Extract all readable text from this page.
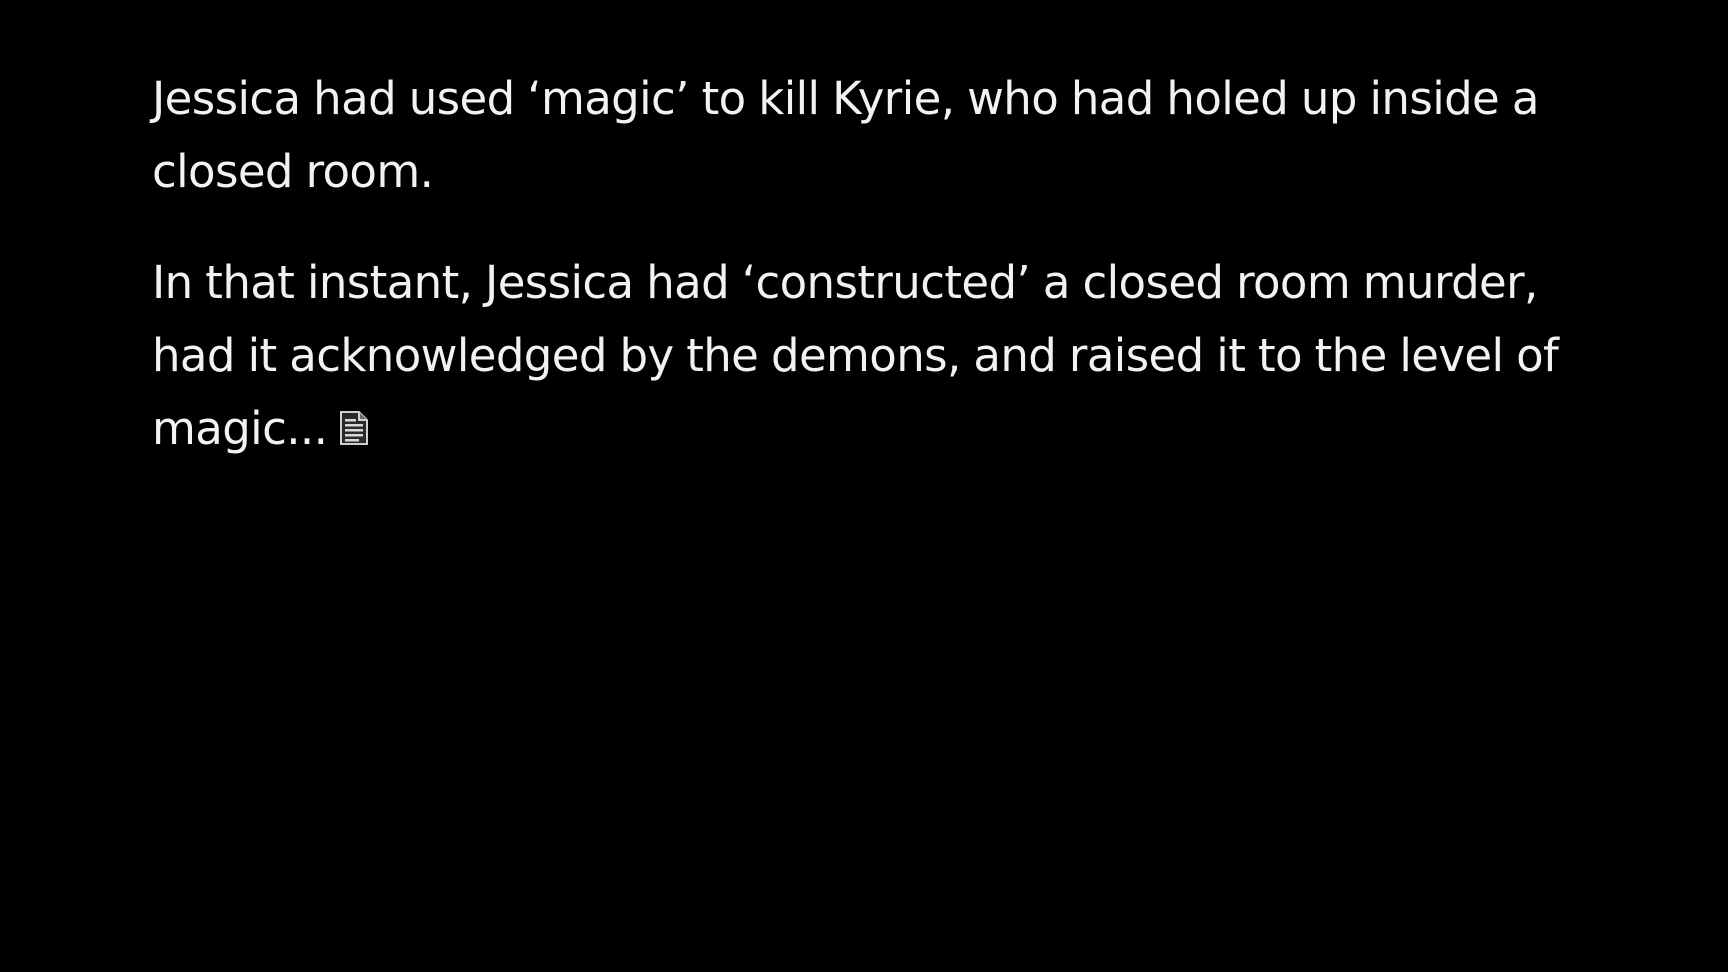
Jessica had used ‘magic’ to kill Kyrie, who had holed up inside a
closed room.

In that instant, Jessica had ‘constructed’ a closed room murder,
had it acknowledged by the demons, and raised it to the level of
magic...
